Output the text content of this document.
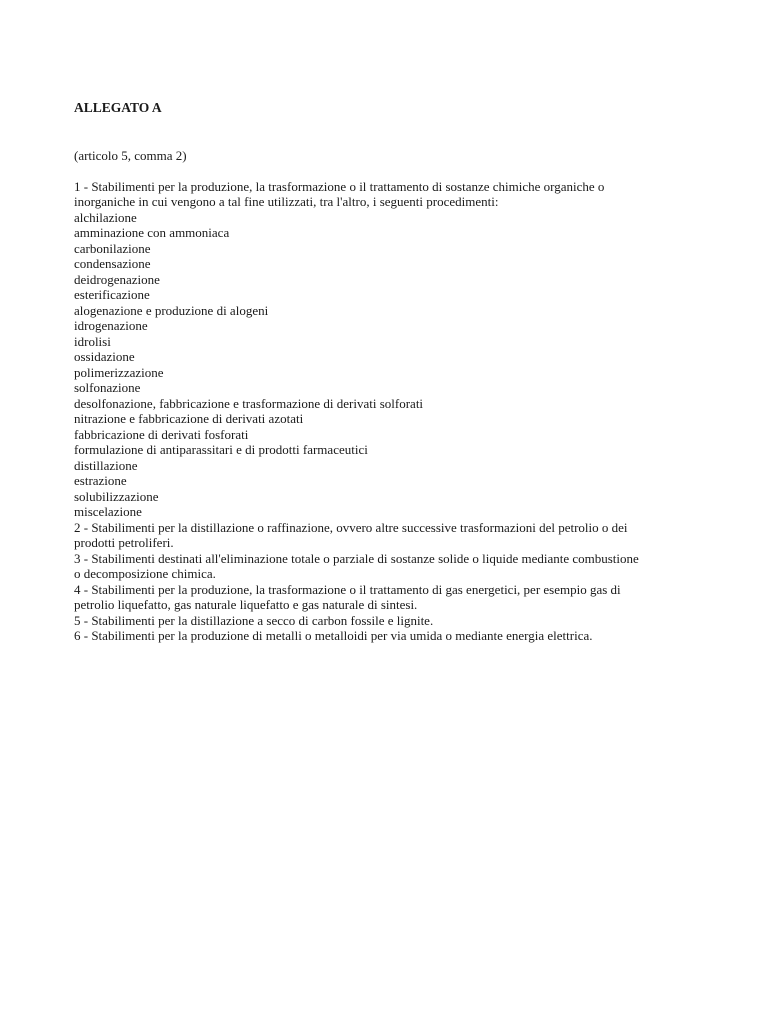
ALLEGATO A
(articolo 5, comma 2)
1 - Stabilimenti per la produzione, la trasformazione o il trattamento di sostanze chimiche organiche o
inorganiche in cui vengono a tal fine utilizzati, tra l'altro, i seguenti procedimenti:
alchilazione
amminazione con ammoniaca
carbonilazione
condensazione
deidrogenazione
esterificazione
alogenazione e produzione di alogeni
idrogenazione
idrolisi
ossidazione
polimerizzazione
solfonazione
desolfonazione, fabbricazione e trasformazione di derivati solforati
nitrazione e fabbricazione di derivati azotati
fabbricazione di derivati fosforati
formulazione di antiparassitari e di prodotti farmaceutici
distillazione
estrazione
solubilizzazione
miscelazione
2 - Stabilimenti per la distillazione o raffinazione, ovvero altre successive trasformazioni del petrolio o dei
prodotti petroliferi.
3 - Stabilimenti destinati all'eliminazione totale o parziale di sostanze solide o liquide mediante combustione
o decomposizione chimica.
4 - Stabilimenti per la produzione, la trasformazione o il trattamento di gas energetici, per esempio gas di
petrolio liquefatto, gas naturale liquefatto e gas naturale di sintesi.
5 - Stabilimenti per la distillazione a secco di carbon fossile e lignite.
6 - Stabilimenti per la produzione di metalli o metalloidi per via umida o mediante energia elettrica.
